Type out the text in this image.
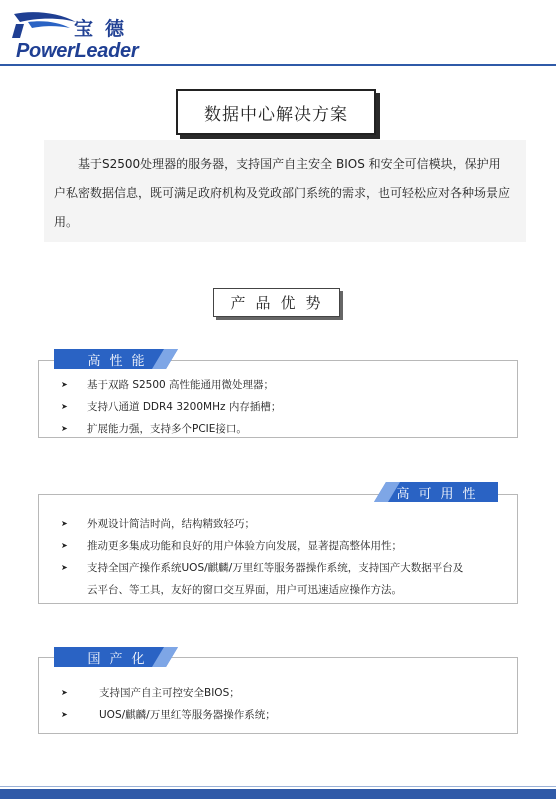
宝德
PowerLeader
数据中心解决方案

基于S2500处理器的服务器，支持国产自主安全 BIOS 和安全可信模块，保护用户私密数据信息，既可满足政府机构及党政部门系统的需求，也可轻松应对各种场景应用。

产品优势
➤ 基于双路 S2500 高性能通用微处理器；
➤ 支持八通道 DDR4 3200MHz 内存插槽；
➤ 扩展能力强，支持多个PCIE接口。
高性能
➤ 外观设计简洁时尚，结构精致轻巧；
➤ 推动更多集成功能和良好的用户体验方向发展，显著提高整体用性；
➤ 支持全国产操作系统UOS/麒麟/万里红等服务器操作系统，支持国产大数据平台及
云平台、等工具，友好的窗口交互界面，用户可迅速适应操作方法。
高可用性
➤	支持国产自主可控安全BIOS；
➤	UOS/麒麟/万里红等服务器操作系统；
国产化
